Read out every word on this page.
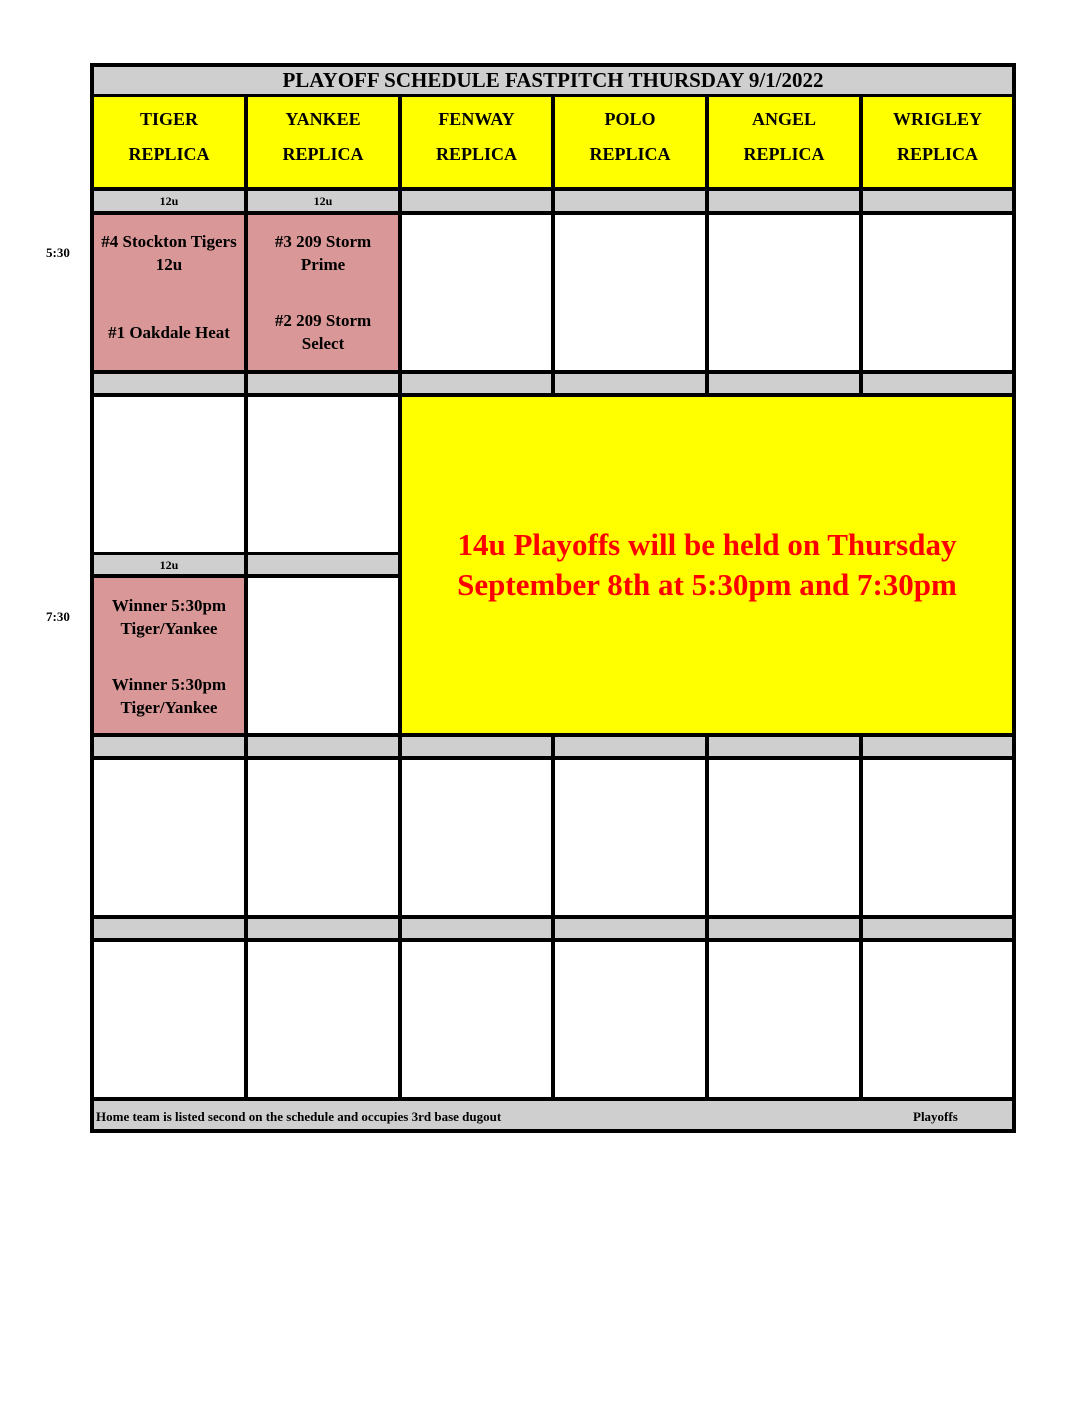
PLAYOFF SCHEDULE FASTPITCH THURSDAY 9/1/2022
TIGER
REPLICA
YANKEE
REPLICA
FENWAY
REPLICA
POLO
REPLICA
ANGEL
REPLICA
WRIGLEY
REPLICA
12u	12u
#4 Stockton Tigers 12u
#1 Oakdale Heat
#3 209 Storm Prime
#2 209 Storm Select
12u
Winner 5:30pm Tiger/Yankee
Winner 5:30pm Tiger/Yankee
14u Playoffs will be held on Thursday September 8th at 5:30pm and 7:30pm
Home team is listed second on the schedule and occupies 3rd base dugout	Playoffs
5:30
7:30
